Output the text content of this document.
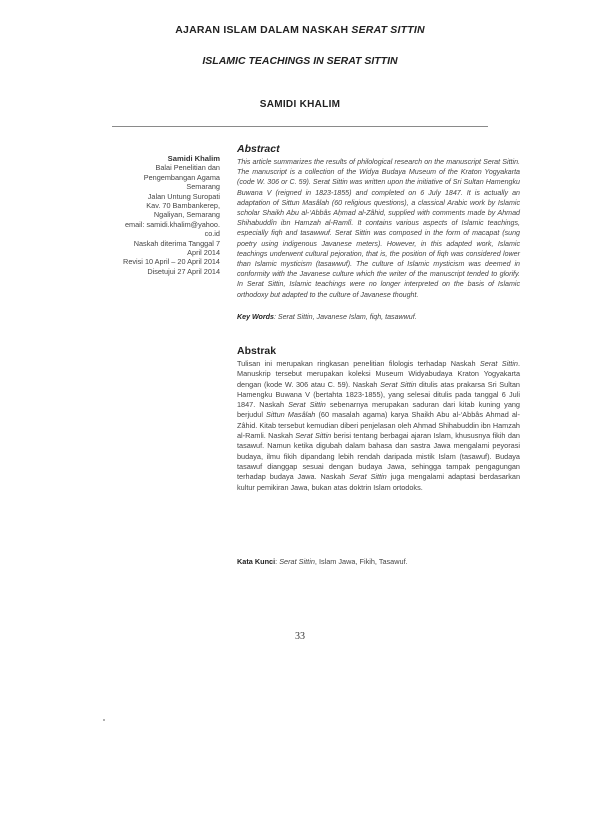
AJARAN ISLAM DALAM NASKAH SERAT SITTIN
ISLAMIC TEACHINGS IN SERAT SITTIN
SAMIDI KHALIM
Samidi Khalim
Balai Penelitian dan
Pengembangan Agama
Semarang
Jalan Untung Suropati
Kav. 70 Bambankerep,
Ngaliyan, Semarang
email: samidi.khalim@yahoo.
co.id
Naskah diterima Tanggal 7
April 2014
Revisi 10 April – 20 April 2014
Disetujui 27 April 2014
Abstract
This article summarizes the results of philological research on the manuscript Serat Sittin. The manuscript is a collection of the Widya Budaya Museum of the Kraton Yogyakarta (code W. 306 or C. 59). Serat Sittin was written upon the initiative of Sri Sultan Hamengku Buwana V (reigned in 1823-1855) and completed on 6 July 1847. It is actually an adaptation of Sittun Masâlah (60 religious questions), a classical Arabic work by Islamic scholar Shaikh Abu al-‘Abbâs Aḥmad al-Zâhid, supplied with comments made by Ahmad Shihabuddîn ibn Hamzah al-Ramlî. It contains various aspects of Islamic teachings, especially fiqh and tasawwuf. Serat Sittin was composed in the form of macapat (sung poetry using indigenous Javanese meters). However, in this adapted work, Islamic teachings underwent cultural pejoration, that is, the position of fiqh was considered lower than Islamic mysticism (tasawwuf). The culture of Islamic mysticism was deemed in conformity with the Javanese culture which the writer of the manuscript tended to glorify. In Serat Sittin, Islamic teachings were no longer interpreted on the basis of Islamic orthodoxy but adapted to the culture of Javanese thought.
Key Words: Serat Sittin, Javanese Islam, fiqh, tasawwuf.
Abstrak
Tulisan ini merupakan ringkasan penelitian filologis terhadap Naskah Serat Sittin. Manuskrip tersebut merupakan koleksi Museum Widyabudaya Kraton Yogyakarta dengan (kode W. 306 atau C. 59). Naskah Serat Sittin ditulis atas prakarsa Sri Sultan Hamengku Buwana V (bertahta 1823-1855), yang selesai ditulis pada tanggal 6 Juli 1847. Naskah Serat Sittin sebenarnya merupakan saduran dari kitab kuning yang berjudul Sittun Masâlah (60 masalah agama) karya Shaikh Abu al-‘Abbâs Ahmad al-Zâhid. Kitab tersebut kemudian diberi penjelasan oleh Ahmad Shihabuddin ibn Hamzah al-Ramli. Naskah Serat Sittin berisi tentang berbagai ajaran Islam, khususnya fikih dan tasawuf. Namun ketika digubah dalam bahasa dan sastra Jawa mengalami peyorasi budaya, ilmu fikih dipandang lebih rendah daripada mistik Islam (tasawuf). Budaya tasawuf dianggap sesuai dengan budaya Jawa, sehingga tampak pengagungan terhadap budaya Jawa. Naskah Serat Sittin juga mengalami adaptasi berdasarkan kultur pemikiran Jawa, bukan atas doktrin Islam ortodoks.
Kata Kunci: Serat Sittin, Islam Jawa, Fikih, Tasawuf.
33
